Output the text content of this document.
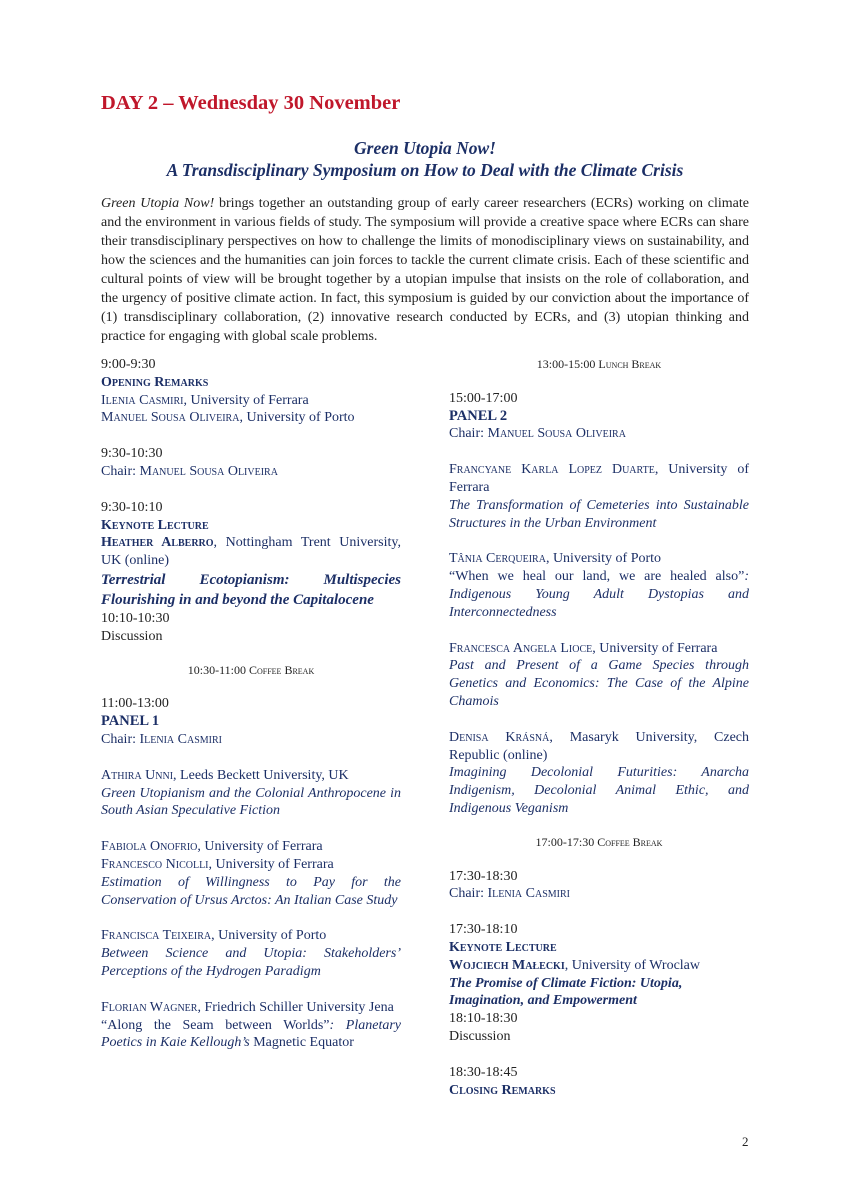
DAY 2 – Wednesday 30 November
Green Utopia Now!
A Transdisciplinary Symposium on How to Deal with the Climate Crisis

Green Utopia Now! brings together an outstanding group of early career researchers (ECRs) working on climate and the environment in various fields of study. The symposium will provide a creative space where ECRs can share their transdisciplinary perspectives on how to challenge the limits of monodisciplinary views on sustainability, and how the sciences and the humanities can join forces to tackle the current climate crisis. Each of these scientific and cultural points of view will be brought together by a utopian impulse that insists on the role of collaboration, and the urgency of positive climate action. In fact, this symposium is guided by our conviction about the importance of (1) transdisciplinary collaboration, (2) innovative research conducted by ECRs, and (3) utopian thinking and practice for engaging with global scale problems.

9:00-9:30
Opening Remarks
Ilenia Casmiri, University of Ferrara
Manuel Sousa Oliveira, University of Porto
9:30-10:30
Chair: Manuel Sousa Oliveira
9:30-10:10
Keynote Lecture
Heather Alberro, Nottingham Trent University, UK (online)
Terrestrial Ecotopianism: Multispecies Flourishing in and beyond the Capitalocene
10:10-10:30
Discussion
10:30-11:00 Coffee Break
11:00-13:00
PANEL 1
Chair: Ilenia Casmiri
Athira Unni, Leeds Beckett University, UK
Green Utopianism and the Colonial Anthropocene in South Asian Speculative Fiction
Fabiola Onofrio, University of Ferrara
Francesco Nicolli, University of Ferrara
Estimation of Willingness to Pay for the Conservation of Ursus Arctos: An Italian Case Study
Francisca Teixeira, University of Porto
Between Science and Utopia: Stakeholders’ Perceptions of the Hydrogen Paradigm
Florian Wagner, Friedrich Schiller University Jena
“Along the Seam between Worlds”: Planetary Poetics in Kaie Kellough’s Magnetic Equator
13:00-15:00 Lunch Break
15:00-17:00
PANEL 2
Chair: Manuel Sousa Oliveira
Francyane Karla Lopez Duarte, University of Ferrara
The Transformation of Cemeteries into Sustainable Structures in the Urban Environment
Tânia Cerqueira, University of Porto
“When we heal our land, we are healed also”: Indigenous Young Adult Dystopias and Interconnectedness
Francesca Angela Lioce, University of Ferrara
Past and Present of a Game Species through Genetics and Economics: The Case of the Alpine Chamois
Denisa Krásná, Masaryk University, Czech Republic (online)
Imagining Decolonial Futurities: Anarcha Indigenism, Decolonial Animal Ethic, and Indigenous Veganism
17:00-17:30 Coffee Break
17:30-18:30
Chair: Ilenia Casmiri
17:30-18:10
Keynote Lecture
Wojciech Małecki, University of Wroclaw
The Promise of Climate Fiction: Utopia, Imagination, and Empowerment
18:10-18:30
Discussion
18:30-18:45
Closing Remarks
2
